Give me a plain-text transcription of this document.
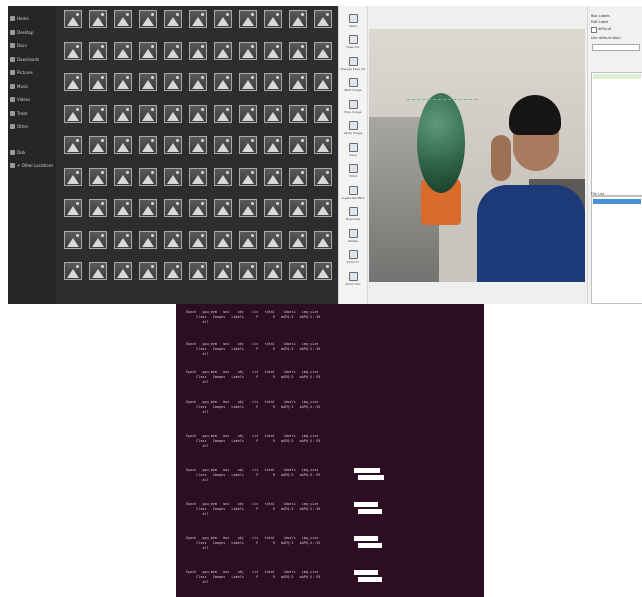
Home
Desktop
Docs
Downloads
Pictures
Music
Videos
Trash
Other
Disk
+ Other Locations
Open
Open Dir
Change Save Dir
Next Image
Prev Image
Verify Image
Save
YOLO
Create RectBox
Duplicate
Delete
Zoom In
Zoom Out
Box Labels
Edit Label
difficult
Use default label
File List
Epoch   gpu_mem   box    obj    cls   total    labels   img_size
Class   Images   Labels      P       R   mAP@.5   mAP@.5:.95
all
Epoch   gpu_mem   box    obj    cls   total    labels   img_size
Class   Images   Labels      P       R   mAP@.5   mAP@.5:.95
all
Epoch   gpu_mem   box    obj    cls   total    labels   img_size
Class   Images   Labels      P       R   mAP@.5   mAP@.5:.95
all
Epoch   gpu_mem   box    obj    cls   total    labels   img_size
Class   Images   Labels      P       R   mAP@.5   mAP@.5:.95
all
Epoch   gpu_mem   box    obj    cls   total    labels   img_size
Class   Images   Labels      P       R   mAP@.5   mAP@.5:.95
all
Epoch   gpu_mem   box    obj    cls   total    labels   img_size
Class   Images   Labels      P       R   mAP@.5   mAP@.5:.95
all
Epoch   gpu_mem   box    obj    cls   total    labels   img_size
Class   Images   Labels      P       R   mAP@.5   mAP@.5:.95
all
Epoch   gpu_mem   box    obj    cls   total    labels   img_size
Class   Images   Labels      P       R   mAP@.5   mAP@.5:.95
all
Epoch   gpu_mem   box    obj    cls   total    labels   img_size
Class   Images   Labels      P       R   mAP@.5   mAP@.5:.95
all
